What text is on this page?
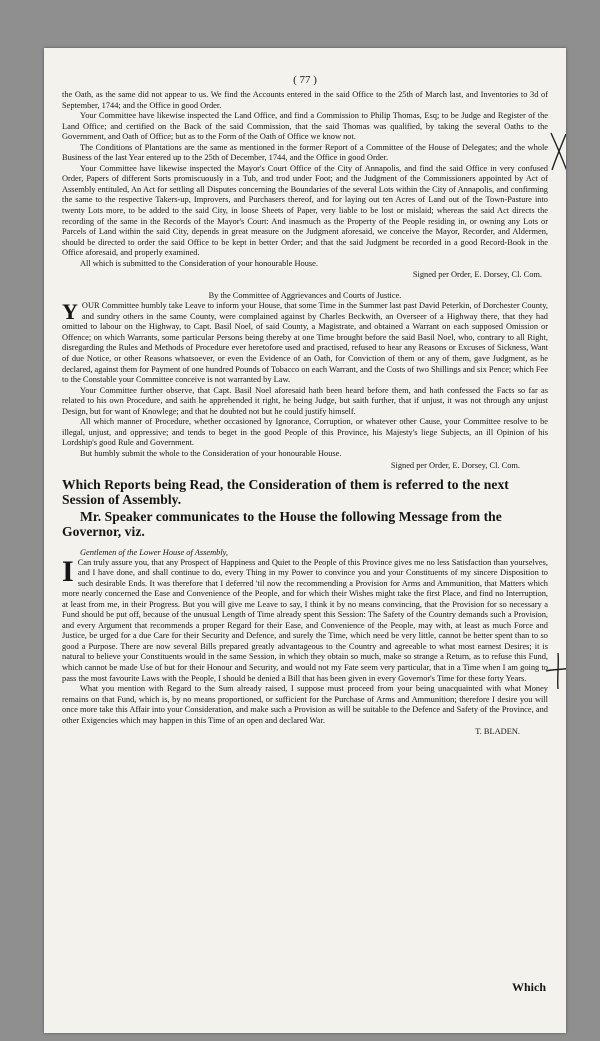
( 77 )

the Oath, as the same did not appear to us. We find the Accounts entered in the said Office to the 25th of March last, and Inventories to 3d of September, 1744; and the Office in good Order.

Your Committee have likewise inspected the Land Office, and find a Commission to Philip Thomas, Esq; to be Judge and Register of the Land Office; and certified on the Back of the said Commission, that the said Thomas was qualified, by taking the several Oaths to the Government, and Oath of Office; but as to the Form of the Oath of Office we know not.

The Conditions of Plantations are the same as mentioned in the former Report of a Committee of the House of Delegates; and the whole Business of the last Year entered up to the 25th of December, 1744, and the Office in good Order.

Your Committee have likewise inspected the Mayor's Court Office of the City of Annapolis, and find the said Office in very confused Order, Papers of different Sorts promiscuously in a Tub, and trod under Foot; and the Judgment of the Commissioners appointed by Act of Assembly entituled, An Act for settling all Disputes concerning the Boundaries of the several Lots within the City of Annapolis, and confirming the same to the respective Takers-up, Improvers, and Purchasers thereof, and for laying out ten Acres of Land out of the Town-Pasture into twenty Lots more, to be added to the said City, in loose Sheets of Paper, very liable to be lost or mislaid; whereas the said Act directs the recording of the same in the Records of the Mayor's Court: And inasmuch as the Property of the People residing in, or owning any Lots or Parcels of Land within the said City, depends in great measure on the Judgment aforesaid, we conceive the Mayor, Recorder, and Aldermen, should be directed to order the said Office to be kept in better Order; and that the said Judgment be recorded in a good Record-Book in the Office aforesaid, and properly examined.

All which is submitted to the Consideration of your honourable House.

Signed per Order, E. Dorsey, Cl. Com.
By the Committee of Aggrievances and Courts of Justice.

YOUR Committee humbly take Leave to inform your House, that some Time in the Summer last past David Peterkin, of Dorchester County, and sundry others in the same County, were complained against by Charles Beckwith, an Overseer of a Highway there, that they had omitted to labour on the Highway, to Capt. Basil Noel, of said County, a Magistrate, and obtained a Warrant on each supposed Omission or Offence; on which Warrants, some particular Persons being thereby at one Time brought before the said Basil Noel, who, contrary to all Right, disregarding the Rules and Methods of Procedure ever heretofore used and practised, refused to hear any Reasons or Excuses of Sickness, Want of due Notice, or other Reasons whatsoever, or even the Evidence of an Oath, for Conviction of them or any of them, gave Judgment, as he declared, against them for Payment of one hundred Pounds of Tobacco on each Warrant, and the Costs of two Shillings and six Pence; which Fee to the Constable your Committee conceive is not warranted by Law.

Your Committee further observe, that Capt. Basil Noel aforesaid hath been heard before them, and hath confessed the Facts so far as related to his own Procedure, and saith he apprehended it right, he being Judge, but saith further, that if unjust, it was not through any unjust Design, but for want of Knowlege; and that he doubted not but he could justify himself.

All which manner of Procedure, whether occasioned by Ignorance, Corruption, or whatever other Cause, your Committee resolve to be illegal, unjust, and oppressive; and tends to beget in the good People of this Province, his Majesty's liege Subjects, an ill Opinion of his Lordship's good Rule and Government.

But humbly submit the whole to the Consideration of your honourable House.

Signed per Order, E. Dorsey, Cl. Com.
Which Reports being Read, the Consideration of them is referred to the next Session of Assembly.
Mr. Speaker communicates to the House the following Message from the Governor, viz.
Gentlemen of the Lower House of Assembly,

I Can truly assure you, that any Prospect of Happiness and Quiet to the People of this Province gives me no less Satisfaction than yourselves, and I have done, and shall continue to do, every Thing in my Power to convince you and your Constituents of my sincere Disposition to such desirable Ends. It was therefore that I deferred 'til now the recommending a Provision for Arms and Ammunition, that Matters which more nearly concerned the Ease and Convenience of the People, and for which their Wishes might take the first Place, and find no Interruption, at least from me, in their Progress. But you will give me Leave to say, I think it by no means convincing, that the Provision for so necessary a Fund should be put off, because of the unusual Length of Time already spent this Session: The Safety of the Country demands such a Provision, and every Argument that recommends a proper Regard for their Ease, and Convenience of the People, may with, at least as much Force and Justice, be urged for a due Care for their Security and Defence, and surely the Time, which need be very little, cannot be better spent than to so good a Purpose. There are now several Bills prepared greatly advantageous to the Country and agreeable to what most earnest Desires; it is natural to believe your Constituents would in the same Session, in which they obtain so much, make so strange a Return, as to refuse this Fund, which cannot be made Use of but for their Honour and Security, and would not my Fate seem very particular, that in a Time when I am going to pass the most favourite Laws with the People, I should be denied a Bill that has been given in every Governor's Time for these forty Years.

What you mention with Regard to the Sum already raised, I suppose must proceed from your being unacquainted with what Money remains on that Fund, which is, by no means proportioned, or sufficient for the Purchase of Arms and Ammunition; therefore I desire you will once more take this Affair into your Consideration, and make such a Provision as will be suitable to the Defence and Safety of the Province, and other Exigencies which may happen in this Time of an open and declared War.

T. BLADEN.
Which
